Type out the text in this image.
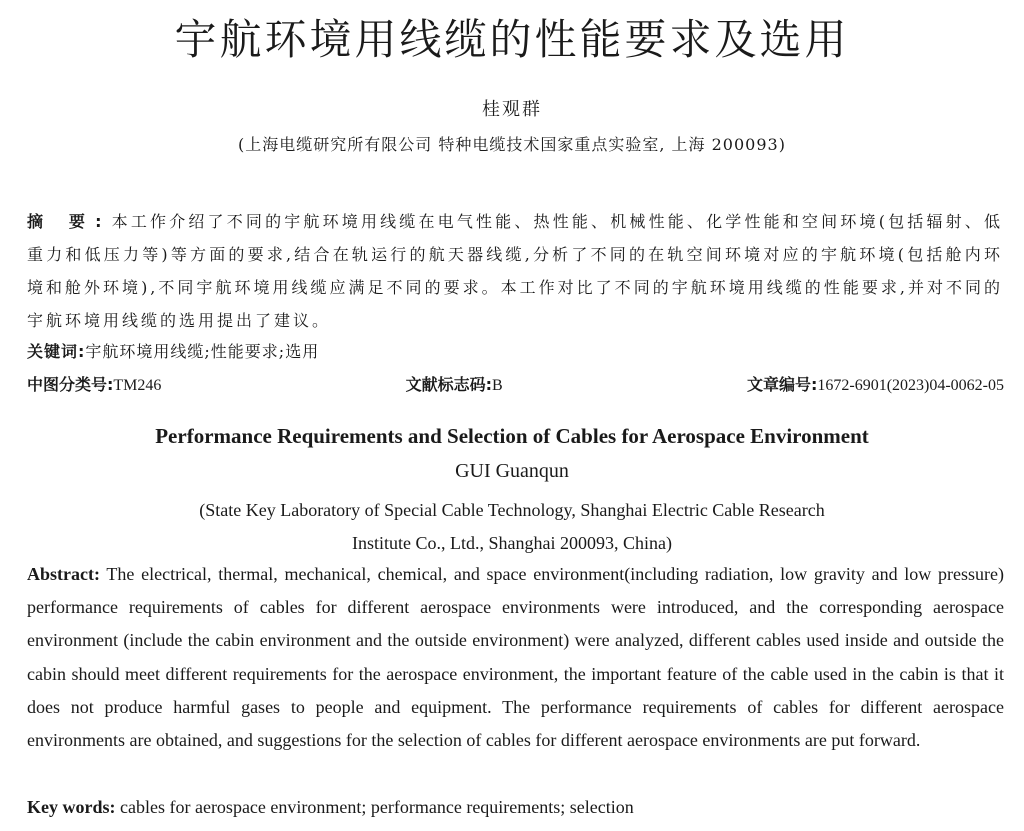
宇航环境用线缆的性能要求及选用
桂观群
(上海电缆研究所有限公司 特种电缆技术国家重点实验室, 上海 200093)
摘 要:本工作介绍了不同的宇航环境用线缆在电气性能、热性能、机械性能、化学性能和空间环境(包括辐射、低重力和低压力等)等方面的要求,结合在轨运行的航天器线缆,分析了不同的在轨空间环境对应的宇航环境(包括舱内环境和舱外环境),不同宇航环境用线缆应满足不同的要求。本工作对比了不同的宇航环境用线缆的性能要求,并对不同的宇航环境用线缆的选用提出了建议。
关键词:宇航环境用线缆;性能要求;选用
中图分类号:TM246	文献标志码:B	文章编号:1672-6901(2023)04-0062-05
Performance Requirements and Selection of Cables for Aerospace Environment
GUI Guanqun
(State Key Laboratory of Special Cable Technology, Shanghai Electric Cable Research
Institute Co., Ltd., Shanghai 200093, China)
Abstract: The electrical, thermal, mechanical, chemical, and space environment(including radiation, low gravity and low pressure) performance requirements of cables for different aerospace environments were introduced, and the corresponding aerospace environment (include the cabin environment and the outside environment) were analyzed, different cables used inside and outside the cabin should meet different requirements for the aerospace environment, the important feature of the cable used in the cabin is that it does not produce harmful gases to people and equipment. The performance requirements of cables for different aerospace environments are obtained, and suggestions for the selection of cables for different aerospace environments are put forward.
Key words: cables for aerospace environment; performance requirements; selection
